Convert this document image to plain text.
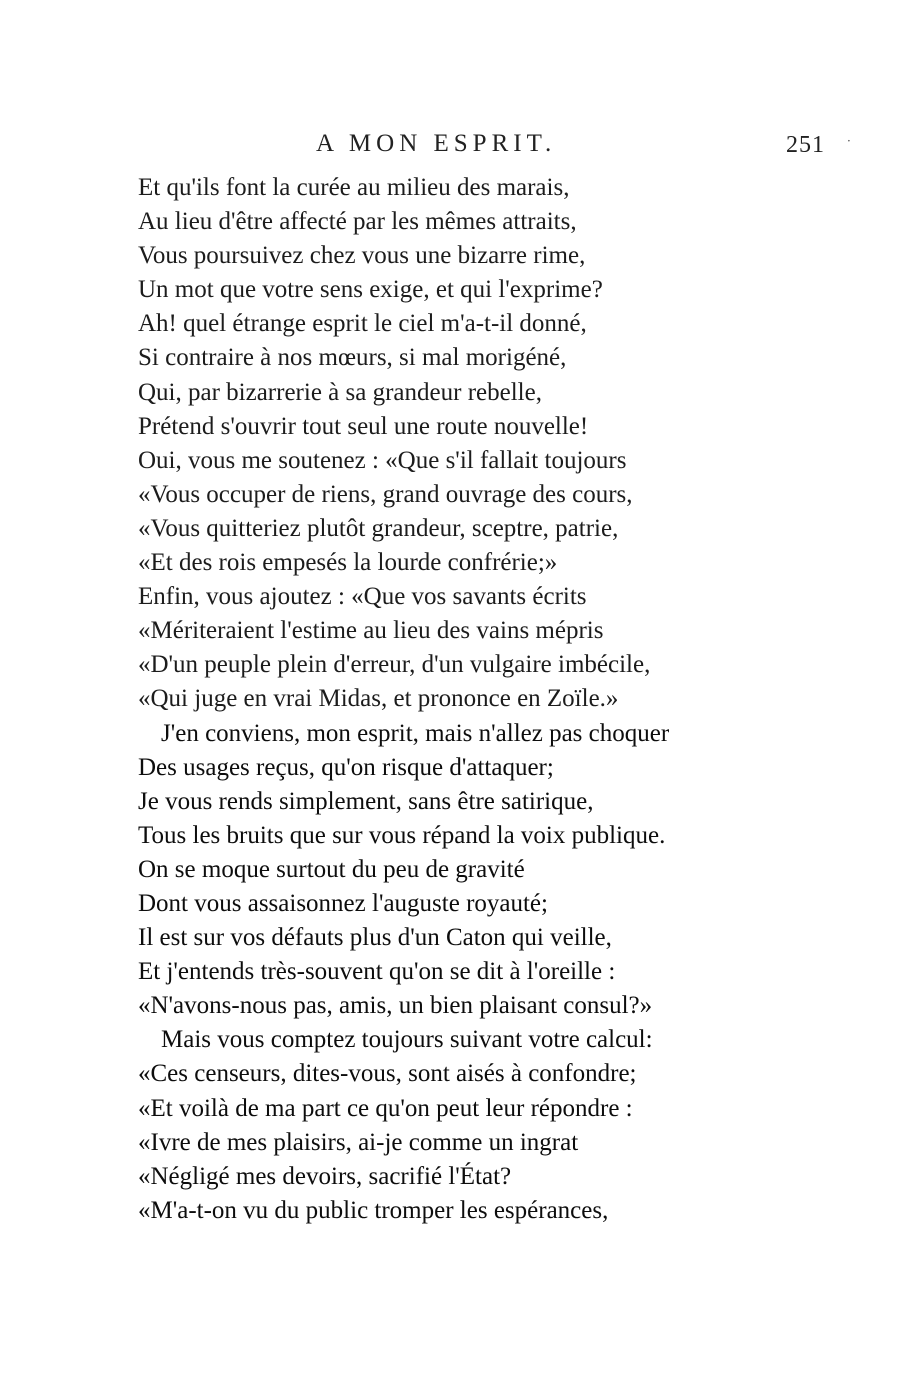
A MON ESPRIT.	251 ·
Et qu'ils font la curée au milieu des marais,
Au lieu d'être affecté par les mêmes attraits,
Vous poursuivez chez vous une bizarre rime,
Un mot que votre sens exige, et qui l'exprime?
Ah! quel étrange esprit le ciel m'a-t-il donné,
Si contraire à nos mœurs, si mal morigéné,
Qui, par bizarrerie à sa grandeur rebelle,
Prétend s'ouvrir tout seul une route nouvelle!
Oui, vous me soutenez : «Que s'il fallait toujours
«Vous occuper de riens, grand ouvrage des cours,
«Vous quitteriez plutôt grandeur, sceptre, patrie,
«Et des rois empesés la lourde confrérie;»
Enfin, vous ajoutez : «Que vos savants écrits
«Mériteraient l'estime au lieu des vains mépris
«D'un peuple plein d'erreur, d'un vulgaire imbécile,
«Qui juge en vrai Midas, et prononce en Zoïle.»
J'en conviens, mon esprit, mais n'allez pas choquer
Des usages reçus, qu'on risque d'attaquer;
Je vous rends simplement, sans être satirique,
Tous les bruits que sur vous répand la voix publique.
On se moque surtout du peu de gravité
Dont vous assaisonnez l'auguste royauté;
Il est sur vos défauts plus d'un Caton qui veille,
Et j'entends très-souvent qu'on se dit à l'oreille :
«N'avons-nous pas, amis, un bien plaisant consul?»
Mais vous comptez toujours suivant votre calcul:
«Ces censeurs, dites-vous, sont aisés à confondre;
«Et voilà de ma part ce qu'on peut leur répondre :
«Ivre de mes plaisirs, ai-je comme un ingrat
«Négligé mes devoirs, sacrifié l'État?
«M'a-t-on vu du public tromper les espérances,
